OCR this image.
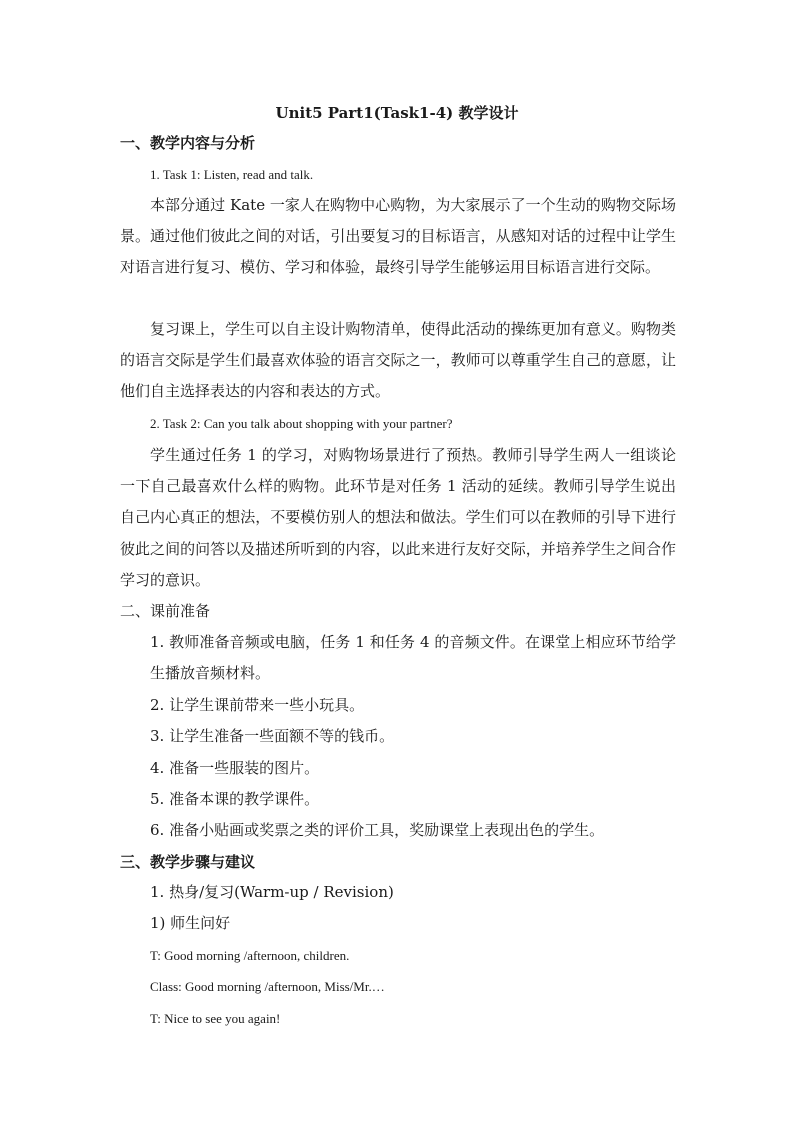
Unit5 Part1(Task1-4) 教学设计
一、教学内容与分析
1. Task 1: Listen, read and talk.

本部分通过 Kate 一家人在购物中心购物，为大家展示了一个生动的购物交际场景。通过他们彼此之间的对话，引出要复习的目标语言，从感知对话的过程中让学生对语言进行复习、模仿、学习和体验，最终引导学生能够运用目标语言进行交际。

复习课上，学生可以自主设计购物清单，使得此活动的操练更加有意义。购物类的语言交际是学生们最喜欢体验的语言交际之一，教师可以尊重学生自己的意愿，让他们自主选择表达的内容和表达的方式。

2. Task 2: Can you talk about shopping with your partner?

学生通过任务 1 的学习，对购物场景进行了预热。教师引导学生两人一组谈论一下自己最喜欢什么样的购物。此环节是对任务 1 活动的延续。教师引导学生说出自己内心真正的想法，不要模仿别人的想法和做法。学生们可以在教师的引导下进行彼此之间的问答以及描述所听到的内容，以此来进行友好交际，并培养学生之间合作学习的意识。

二、课前准备

1. 教师准备音频或电脑，任务 1 和任务 4 的音频文件。在课堂上相应环节给学生播放音频材料。

2. 让学生课前带来一些小玩具。
3. 让学生准备一些面额不等的钱币。
4. 准备一些服装的图片。
5. 准备本课的教学课件。
6. 准备小贴画或奖票之类的评价工具，奖励课堂上表现出色的学生。
三、教学步骤与建议
1. 热身/复习(Warm-up / Revision)
1) 师生问好
T: Good morning /afternoon, children.
Class: Good morning /afternoon, Miss/Mr.…
T: Nice to see you again!
